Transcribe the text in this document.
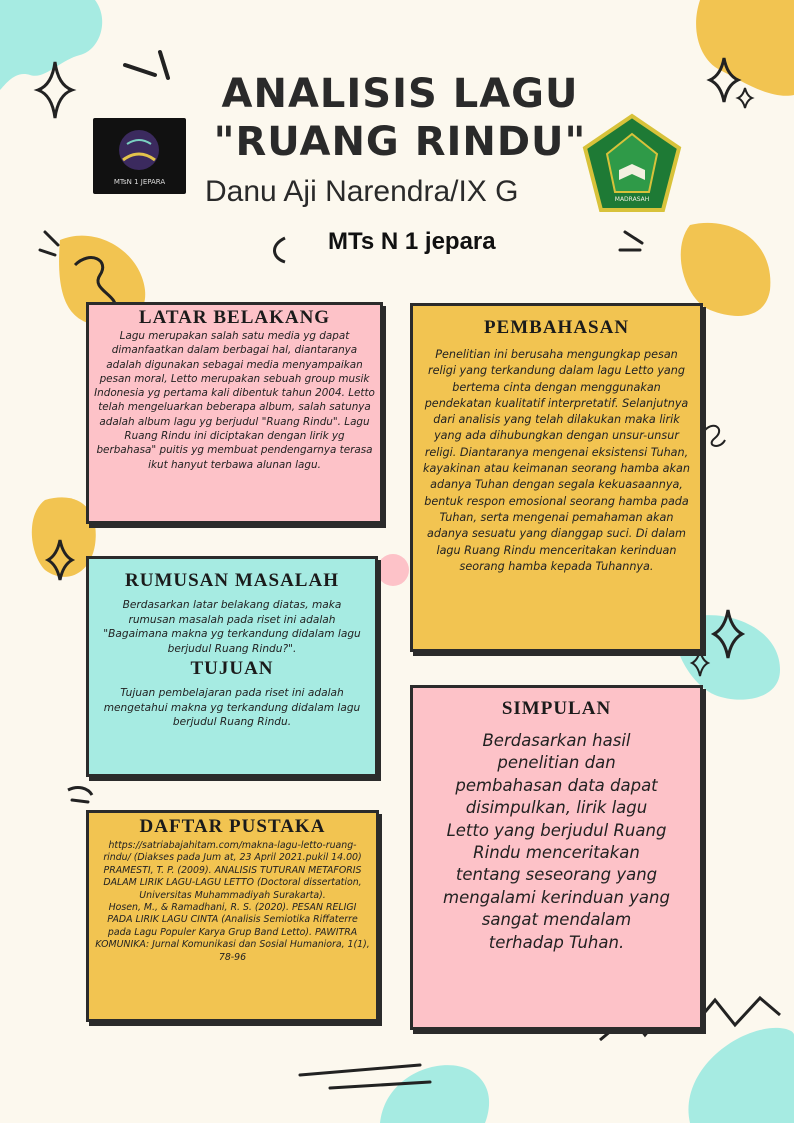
ANALISIS LAGU
"RUANG RINDU"
Danu Aji Narendra/IX G
MTs N 1 jepara
MTsN 1 JEPARA
MADRASAH
LATAR BELAKANG
Lagu merupakan salah satu media yg dapat dimanfaatkan dalam berbagai hal, diantaranya adalah digunakan sebagai media menyampaikan pesan moral, Letto merupakan sebuah group musik Indonesia yg pertama kali dibentuk tahun 2004. Letto telah mengeluarkan beberapa album, salah satunya adalah album lagu yg berjudul "Ruang Rindu". Lagu Ruang Rindu ini diciptakan dengan lirik yg berbahasa" puitis yg membuat pendengarnya terasa ikut hanyut terbawa alunan lagu.
PEMBAHASAN
Penelitian ini berusaha mengungkap pesan religi yang terkandung dalam lagu Letto yang bertema cinta dengan menggunakan pendekatan kualitatif interpretatif. Selanjutnya dari analisis yang telah dilakukan maka lirik yang ada dihubungkan dengan unsur-unsur religi. Diantaranya mengenai eksistensi Tuhan, kayakinan atau keimanan seorang hamba akan adanya Tuhan dengan segala kekuasaannya, bentuk respon emosional seorang hamba pada Tuhan, serta mengenai pemahaman akan adanya sesuatu yang dianggap suci. Di dalam lagu Ruang Rindu menceritakan kerinduan seorang hamba kepada Tuhannya.
RUMUSAN MASALAH
Berdasarkan latar belakang diatas, maka rumusan masalah pada riset ini adalah "Bagaimana makna yg terkandung didalam lagu berjudul Ruang Rindu?".
TUJUAN
Tujuan pembelajaran pada riset ini adalah mengetahui makna yg terkandung didalam lagu berjudul Ruang Rindu.
SIMPULAN
Berdasarkan hasil penelitian dan pembahasan data dapat disimpulkan, lirik lagu Letto yang berjudul Ruang Rindu menceritakan tentang seseorang yang mengalami kerinduan yang sangat mendalam terhadap Tuhan.
DAFTAR PUSTAKA
https://satriabajahitam.com/makna-lagu-letto-ruang-rindu/ (Diakses pada Jum at, 23 April 2021.pukil 14.00)
PRAMESTI, T. P. (2009). ANALISIS TUTURAN METAFORIS DALAM LIRIK LAGU-LAGU LETTO (Doctoral dissertation, Universitas Muhammadiyah Surakarta).
Hosen, M., & Ramadhani, R. S. (2020). PESAN RELIGI PADA LIRIK LAGU CINTA (Analisis Semiotika Riffaterre pada Lagu Populer Karya Grup Band Letto). PAWITRA KOMUNIKA: Jurnal Komunikasi dan Sosial Humaniora, 1(1), 78-96
